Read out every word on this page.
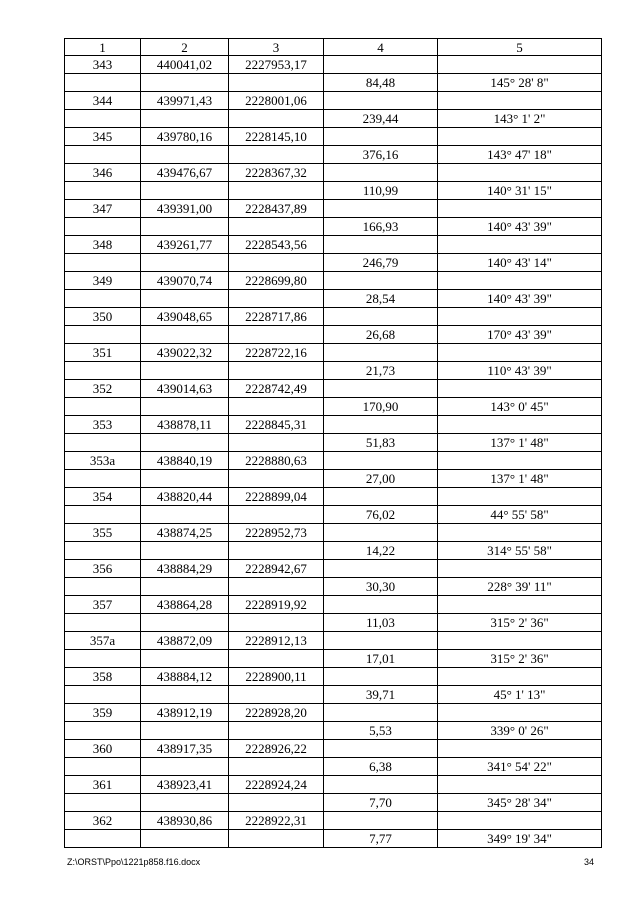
1	2	3	4	5
343	440041,02	2227953,17		
			84,48	145° 28' 8"
344	439971,43	2228001,06		
			239,44	143° 1' 2"
345	439780,16	2228145,10		
			376,16	143° 47' 18"
346	439476,67	2228367,32		
			110,99	140° 31' 15"
347	439391,00	2228437,89		
			166,93	140° 43' 39"
348	439261,77	2228543,56		
			246,79	140° 43' 14"
349	439070,74	2228699,80		
			28,54	140° 43' 39"
350	439048,65	2228717,86		
			26,68	170° 43' 39"
351	439022,32	2228722,16		
			21,73	110° 43' 39"
352	439014,63	2228742,49		
			170,90	143° 0' 45"
353	438878,11	2228845,31		
			51,83	137° 1' 48"
353a	438840,19	2228880,63		
			27,00	137° 1' 48"
354	438820,44	2228899,04		
			76,02	44° 55' 58"
355	438874,25	2228952,73		
			14,22	314° 55' 58"
356	438884,29	2228942,67		
			30,30	228° 39' 11"
357	438864,28	2228919,92		
			11,03	315° 2' 36"
357a	438872,09	2228912,13		
			17,01	315° 2' 36"
358	438884,12	2228900,11		
			39,71	45° 1' 13"
359	438912,19	2228928,20		
			5,53	339° 0' 26"
360	438917,35	2228926,22		
			6,38	341° 54' 22"
361	438923,41	2228924,24		
			7,70	345° 28' 34"
362	438930,86	2228922,31		
			7,77	349° 19' 34"
Z:\ORST\Ppo\1221p858.f16.docx	34
